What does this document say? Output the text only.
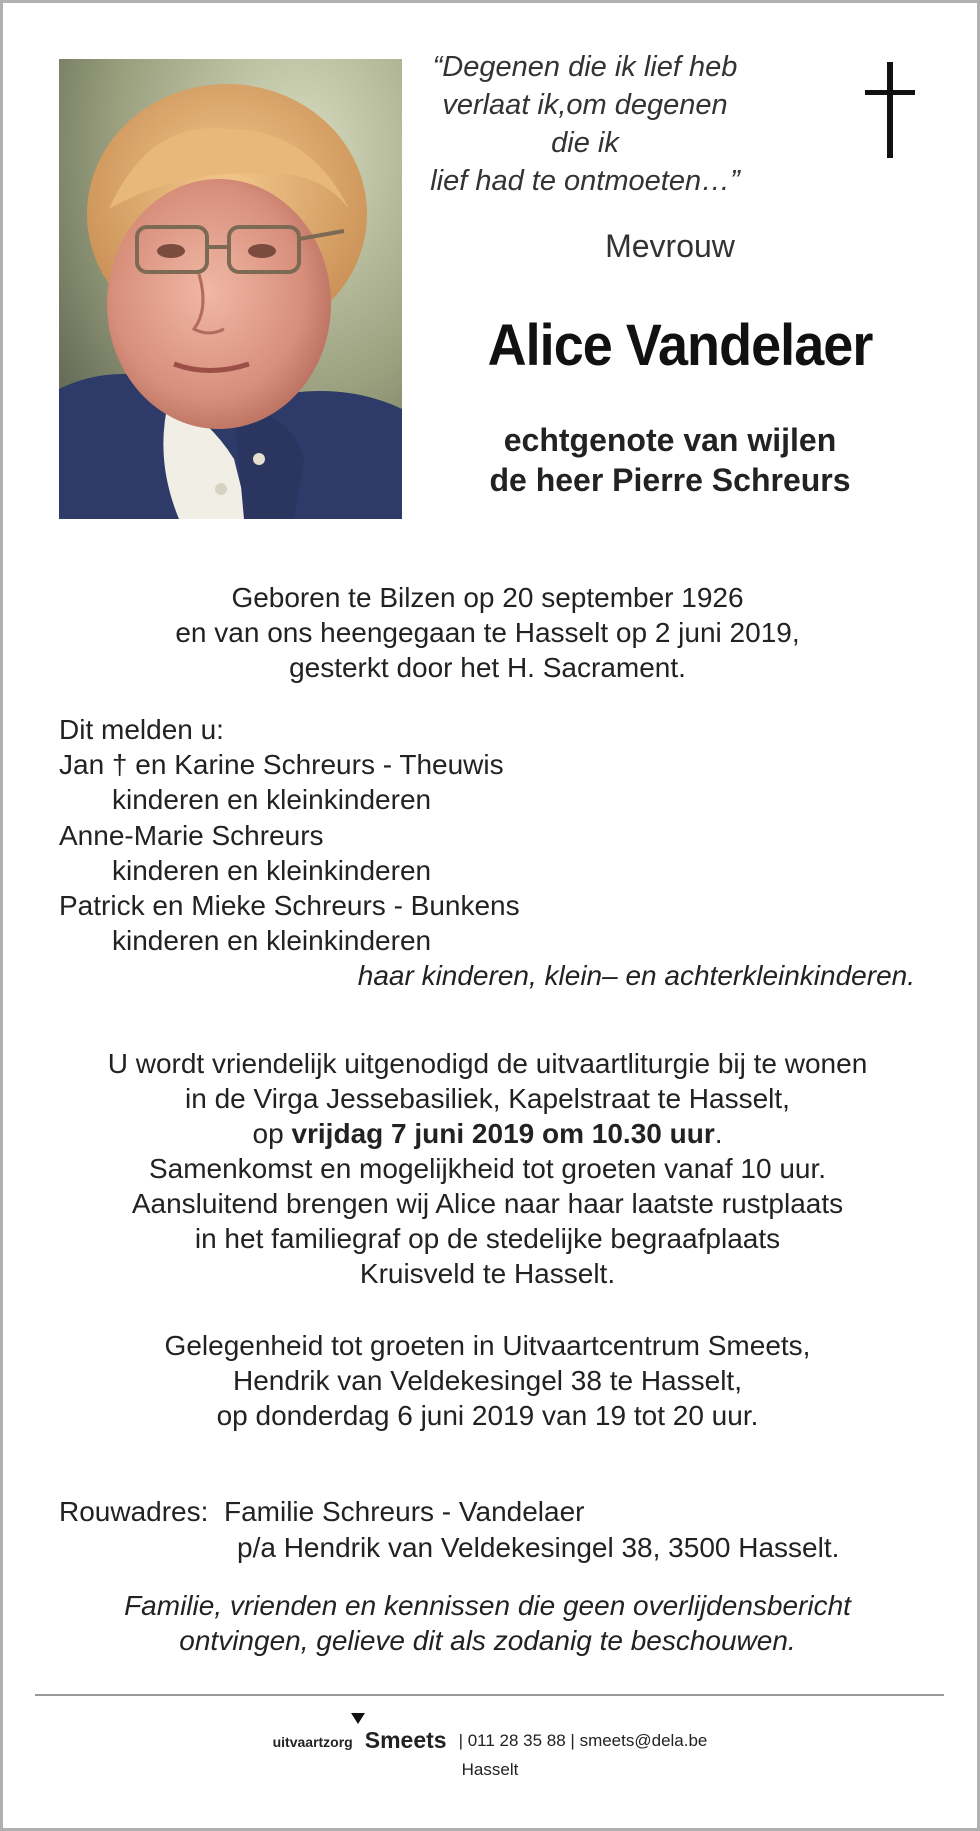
“Degenen die ik lief heb
verlaat ik,om degenen die ik
lief had te ontmoeten…”
Mevrouw
Alice Vandelaer
echtgenote van wijlen
de heer Pierre Schreurs
Geboren te Bilzen op 20 september 1926
en van ons heengegaan te Hasselt op 2 juni 2019,
gesterkt door het H. Sacrament.
Dit melden u:
Jan † en Karine Schreurs - Theuwis
kinderen en kleinkinderen
Anne-Marie Schreurs
kinderen en kleinkinderen
Patrick en Mieke Schreurs - Bunkens
kinderen en kleinkinderen
haar kinderen, klein– en achterkleinkinderen.
U wordt vriendelijk uitgenodigd de uitvaartliturgie bij te wonen
in de Virga Jessebasiliek, Kapelstraat te Hasselt,
op vrijdag 7 juni 2019 om 10.30 uur.
Samenkomst en mogelijkheid tot groeten vanaf 10 uur.
Aansluitend brengen wij Alice naar haar laatste rustplaats
in het familiegraf op de stedelijke begraafplaats
Kruisveld te Hasselt.
Gelegenheid tot groeten in Uitvaartcentrum Smeets,
Hendrik van Veldekesingel 38 te Hasselt,
op donderdag 6 juni 2019 van 19 tot 20 uur.
Rouwadres: Familie Schreurs - Vandelaer
p/a Hendrik van Veldekesingel 38, 3500 Hasselt.
Familie, vrienden en kennissen die geen overlijdensbericht
ontvingen, gelieve dit als zodanig te beschouwen.
uitvaartzorg Smeets | 011 28 35 88 | smeets@dela.be
Hasselt
